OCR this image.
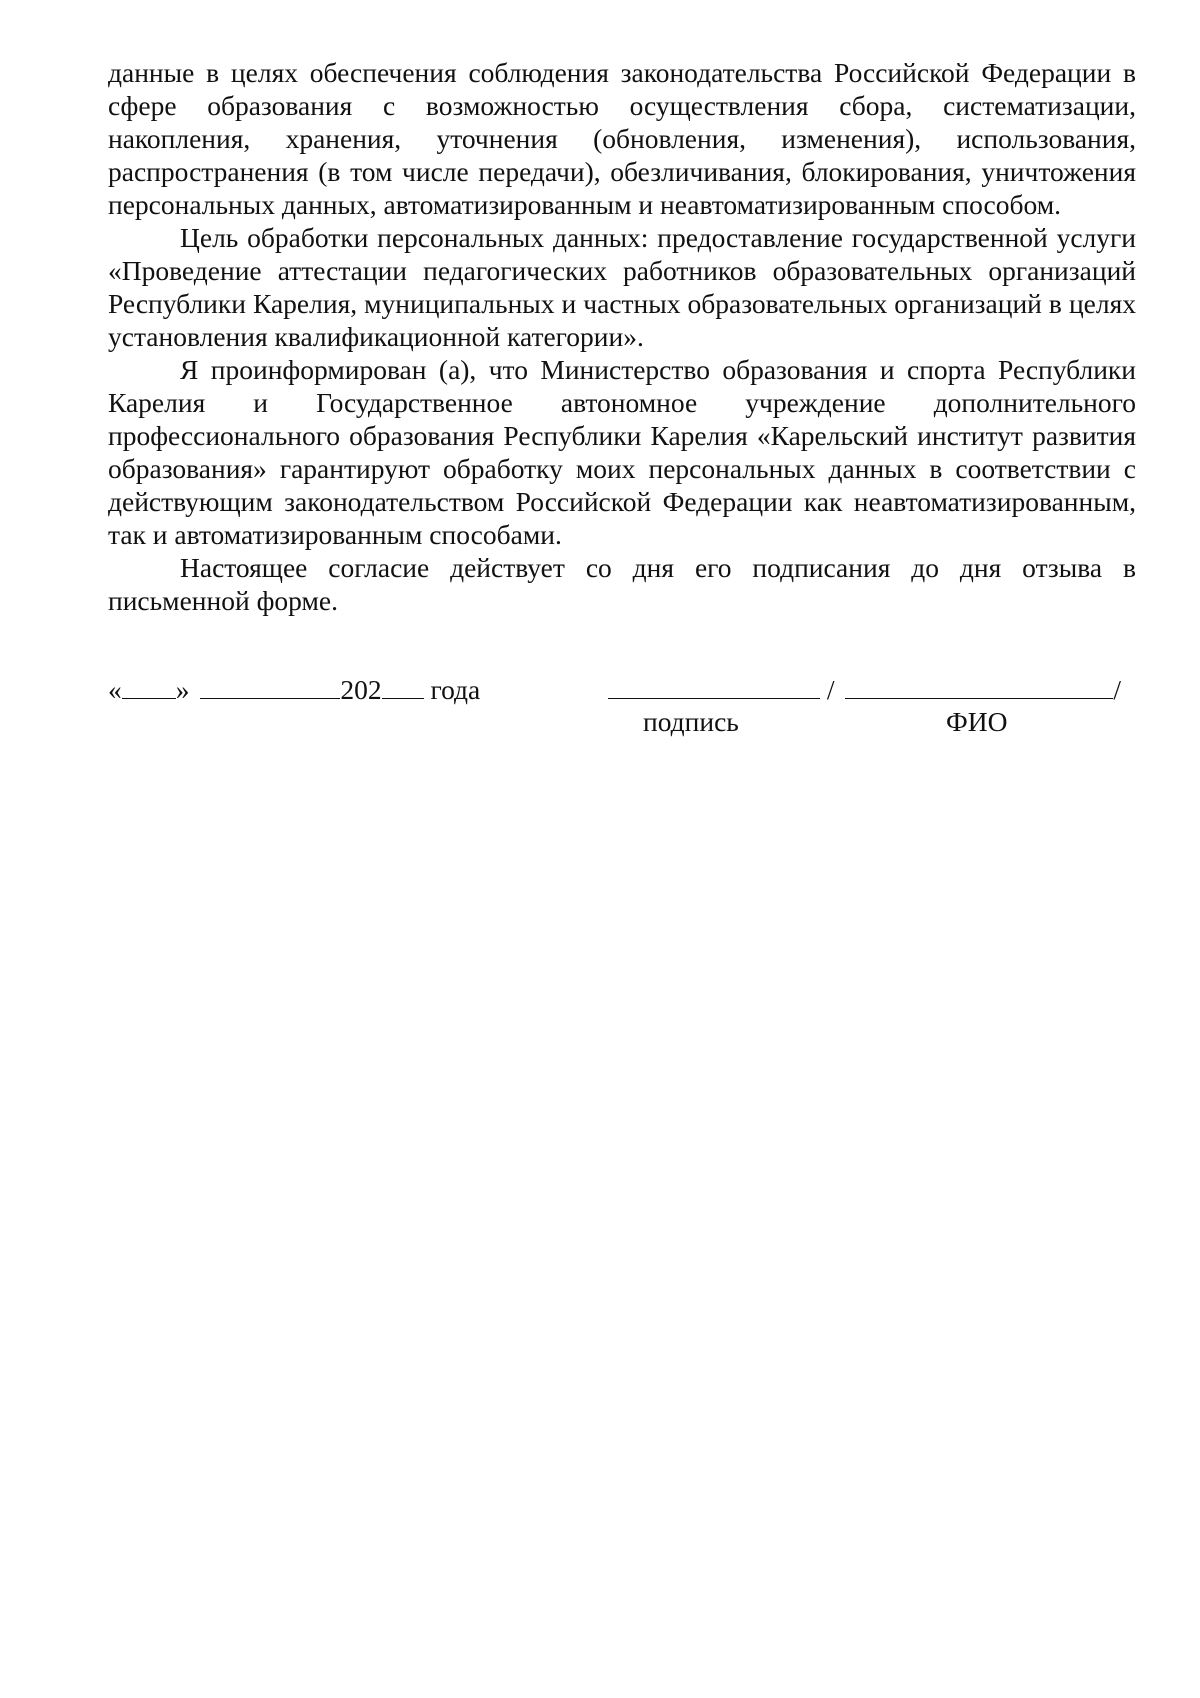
данные в целях обеспечения соблюдения законодательства Российской Федерации в сфере образования с возможностью осуществления сбора, систематизации, накопления, хранения, уточнения (обновления, изменения), использования, распространения (в том числе передачи), обезличивания, блокирования, уничтожения персональных данных, автоматизированным и неавтоматизированным способом.

Цель обработки персональных данных: предоставление государственной услуги «Проведение аттестации педагогических работников образовательных организаций Республики Карелия, муниципальных и частных образовательных организаций в целях установления квалификационной категории».

Я проинформирован (а), что Министерство образования и спорта Республики Карелия и Государственное автономное учреждение дополнительного профессионального образования Республики Карелия «Карельский институт развития образования» гарантируют обработку моих персональных данных в соответствии с действующим законодательством Российской Федерации как неавтоматизированным, так и автоматизированным способами.

Настоящее согласие действует со дня его подписания до дня отзыва в письменной форме.

« »	202 года	/	/
подпись	ФИО
